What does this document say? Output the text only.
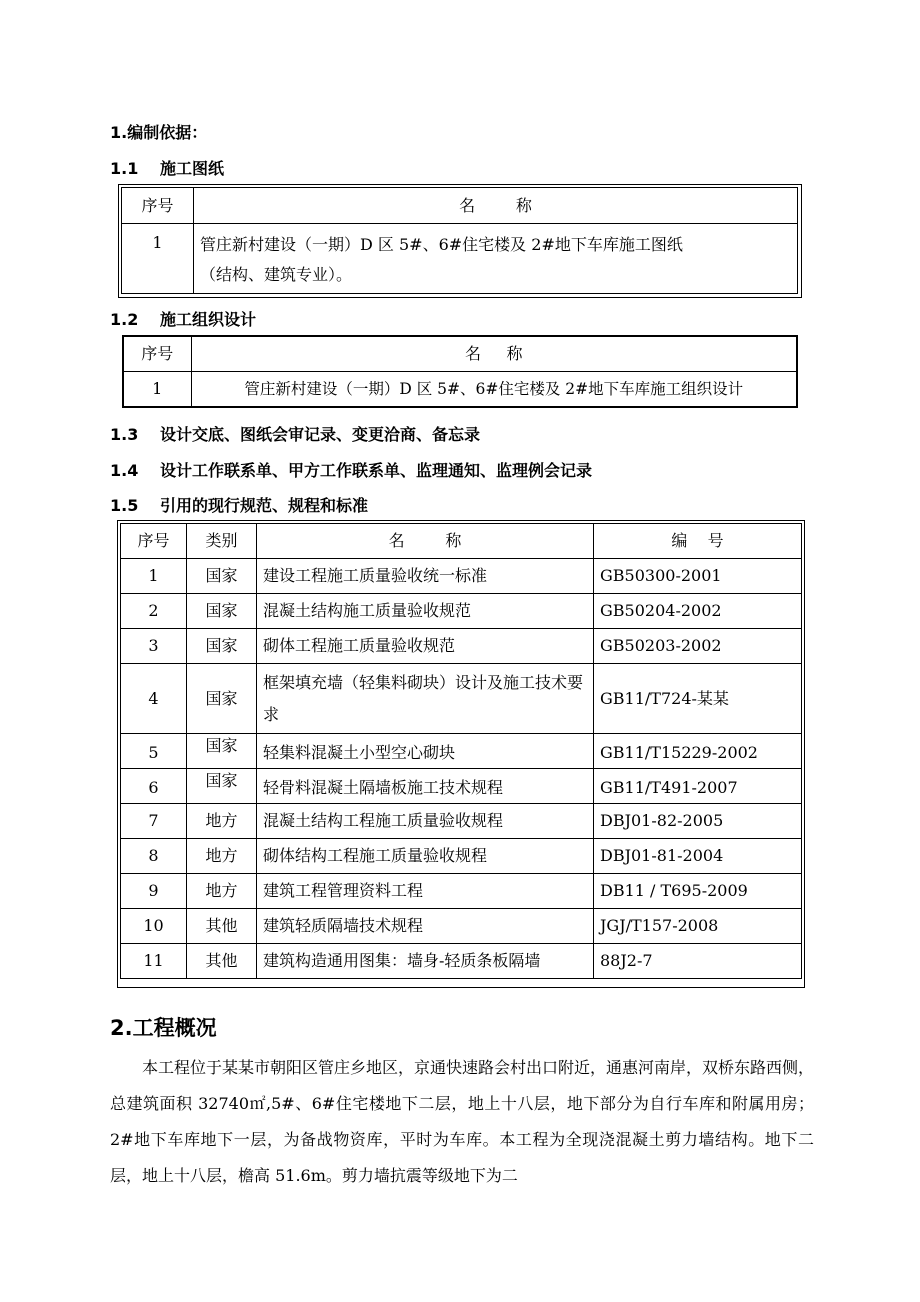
1.编制依据：
1.1 施工图纸
序号	名        称
1	管庄新村建设（一期）D 区 5#、6#住宅楼及 2#地下车库施工图纸
（结构、建筑专业）。
1.2 施工组织设计
序号	名     称
1	管庄新村建设（一期）D 区 5#、6#住宅楼及 2#地下车库施工组织设计
1.3 设计交底、图纸会审记录、变更洽商、备忘录
1.4 设计工作联系单、甲方工作联系单、监理通知、监理例会记录
1.5 引用的现行规范、规程和标准
序号	类别	名        称	编    号
1	国家	建设工程施工质量验收统一标准	GB50300-2001
2	国家	混凝土结构施工质量验收规范	GB50204-2002
3	国家	砌体工程施工质量验收规范	GB50203-2002
4	国家	框架填充墙（轻集料砌块）设计及施工技术要求	GB11/T724-某某
5	国家	轻集料混凝土小型空心砌块	GB11/T15229-2002
6	国家	轻骨料混凝土隔墙板施工技术规程	GB11/T491-2007
7	地方	混凝土结构工程施工质量验收规程	DBJ01-82-2005
8	地方	砌体结构工程施工质量验收规程	DBJ01-81-2004
9	地方	建筑工程管理资料工程	DB11 / T695-2009
10	其他	建筑轻质隔墙技术规程	JGJ/T157-2008
11	其他	建筑构造通用图集：墙身-轻质条板隔墙	88J2-7
2.工程概况
本工程位于某某市朝阳区管庄乡地区，京通快速路会村出口附近，通惠河南岸，双桥东路西侧，总建筑面积 32740㎡,5#、6#住宅楼地下二层，地上十八层，地下部分为自行车库和附属用房；2#地下车库地下一层，为备战物资库，平时为车库。本工程为全现浇混凝土剪力墙结构。地下二层，地上十八层，檐高 51.6m。剪力墙抗震等级地下为二
